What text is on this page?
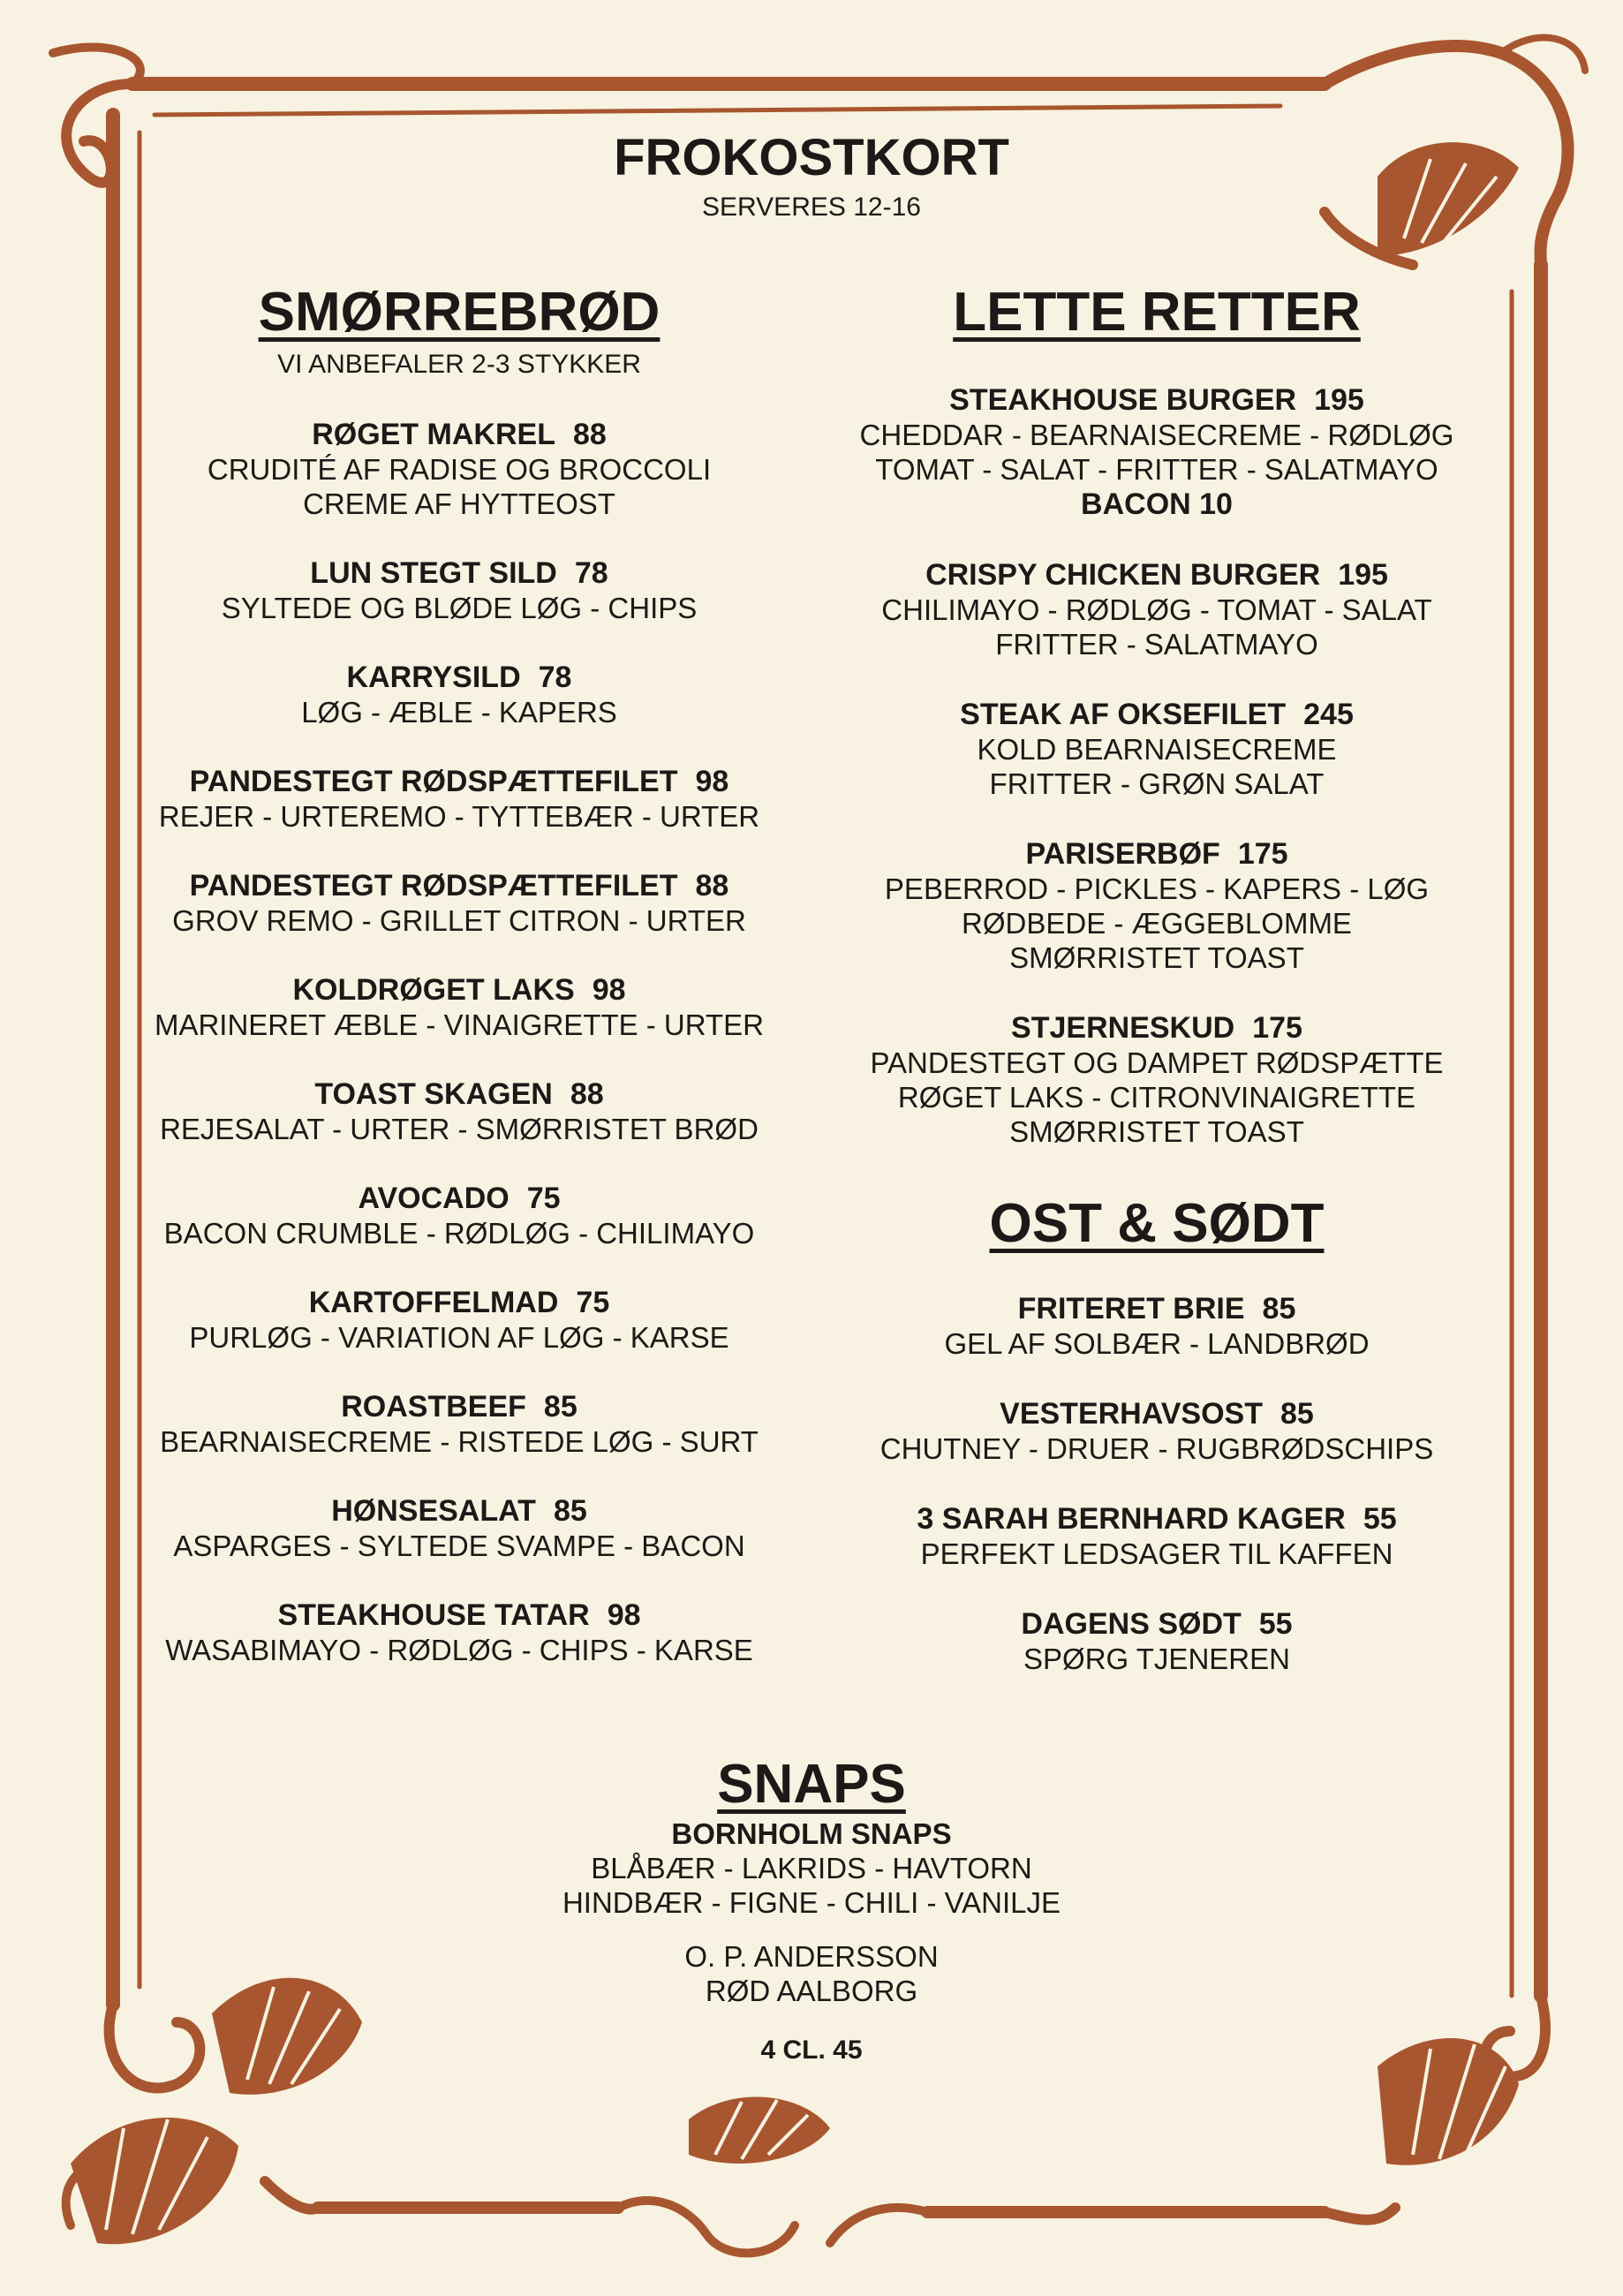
FROKOSTKORT
SERVERES 12-16
SMØRREBRØD
VI ANBEFALER 2-3 STYKKER
RØGET MAKREL 88
CRUDITÉ AF RADISE OG BROCCOLI
CREME AF HYTTEOST
LUN STEGT SILD 78
SYLTEDE OG BLØDE LØG - CHIPS
KARRYSILD 78
LØG - ÆBLE - KAPERS
PANDESTEGT RØDSPÆTTEFILET 98
REJER - URTEREMO - TYTTEBÆR - URTER
PANDESTEGT RØDSPÆTTEFILET 88
GROV REMO - GRILLET CITRON - URTER
KOLDRØGET LAKS 98
MARINERET ÆBLE - VINAIGRETTE - URTER
TOAST SKAGEN 88
REJESALAT - URTER - SMØRRISTET BRØD
AVOCADO 75
BACON CRUMBLE - RØDLØG - CHILIMAYO
KARTOFFELMAD 75
PURLØG - VARIATION AF LØG - KARSE
ROASTBEEF 85
BEARNAISECREME - RISTEDE LØG - SURT
HØNSESALAT 85
ASPARGES - SYLTEDE SVAMPE - BACON
STEAKHOUSE TATAR 98
WASABIMAYO - RØDLØG - CHIPS - KARSE
LETTE RETTER
STEAKHOUSE BURGER 195
CHEDDAR - BEARNAISECREME - RØDLØG
TOMAT - SALAT - FRITTER - SALATMAYO
BACON 10
CRISPY CHICKEN BURGER 195
CHILIMAYO - RØDLØG - TOMAT - SALAT
FRITTER - SALATMAYO
STEAK AF OKSEFILET 245
KOLD BEARNAISECREME
FRITTER - GRØN SALAT
PARISERBØF 175
PEBERROD - PICKLES - KAPERS - LØG
RØDBEDE - ÆGGEBLOMME
SMØRRISTET TOAST
STJERNESKUD 175
PANDESTEGT OG DAMPET RØDSPÆTTE
RØGET LAKS - CITRONVINAIGRETTE
SMØRRISTET TOAST
OST & SØDT
FRITERET BRIE 85
GEL AF SOLBÆR - LANDBRØD
VESTERHAVSOST 85
CHUTNEY - DRUER - RUGBRØDSCHIPS
3 SARAH BERNHARD KAGER 55
PERFEKT LEDSAGER TIL KAFFEN
DAGENS SØDT 55
SPØRG TJENEREN
SNAPS
BORNHOLM SNAPS
BLÅBÆR - LAKRIDS - HAVTORN
HINDBÆR - FIGNE - CHILI - VANILJE
O. P. ANDERSSON
RØD AALBORG
4 CL. 45
